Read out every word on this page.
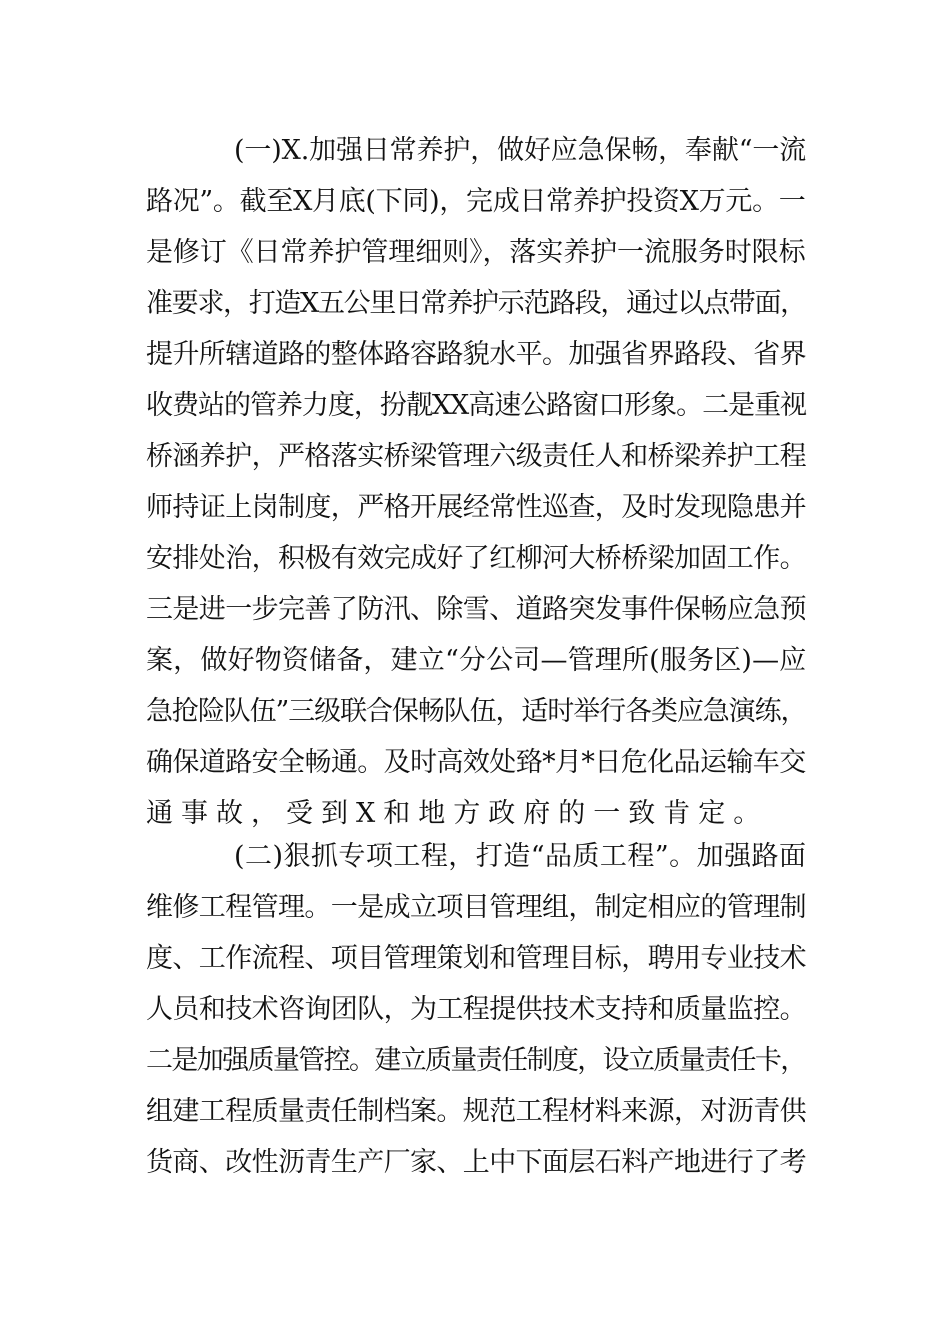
(一)X.加强日常养护，做好应急保畅，奉献“一流
路况”。截至X月底(下同)，完成日常养护投资X万元。一
是修订《日常养护管理细则》，落实养护一流服务时限标
准要求，打造X五公里日常养护示范路段，通过以点带面，
提升所辖道路的整体路容路貌水平。加强省界路段、省界
收费站的管养力度，扮靓XX高速公路窗口形象。二是重视
桥涵养护，严格落实桥梁管理六级责任人和桥梁养护工程
师持证上岗制度，严格开展经常性巡查，及时发现隐患并
安排处治，积极有效完成好了红柳河大桥桥梁加固工作。
三是进一步完善了防汛、除雪、道路突发事件保畅应急预
案，做好物资储备，建立“分公司—管理所(服务区)—应
急抢险队伍”三级联合保畅队伍，适时举行各类应急演练，
确保道路安全畅通。及时高效处臵*月*日危化品运输车交
通事故，受到X和地方政府的一致肯定。
(二)狠抓专项工程，打造“品质工程”。加强路面
维修工程管理。一是成立项目管理组，制定相应的管理制
度、工作流程、项目管理策划和管理目标，聘用专业技术
人员和技术咨询团队，为工程提供技术支持和质量监控。
二是加强质量管控。建立质量责任制度，设立质量责任卡，
组建工程质量责任制档案。规范工程材料来源，对沥青供
货商、改性沥青生产厂家、上中下面层石料产地进行了考
